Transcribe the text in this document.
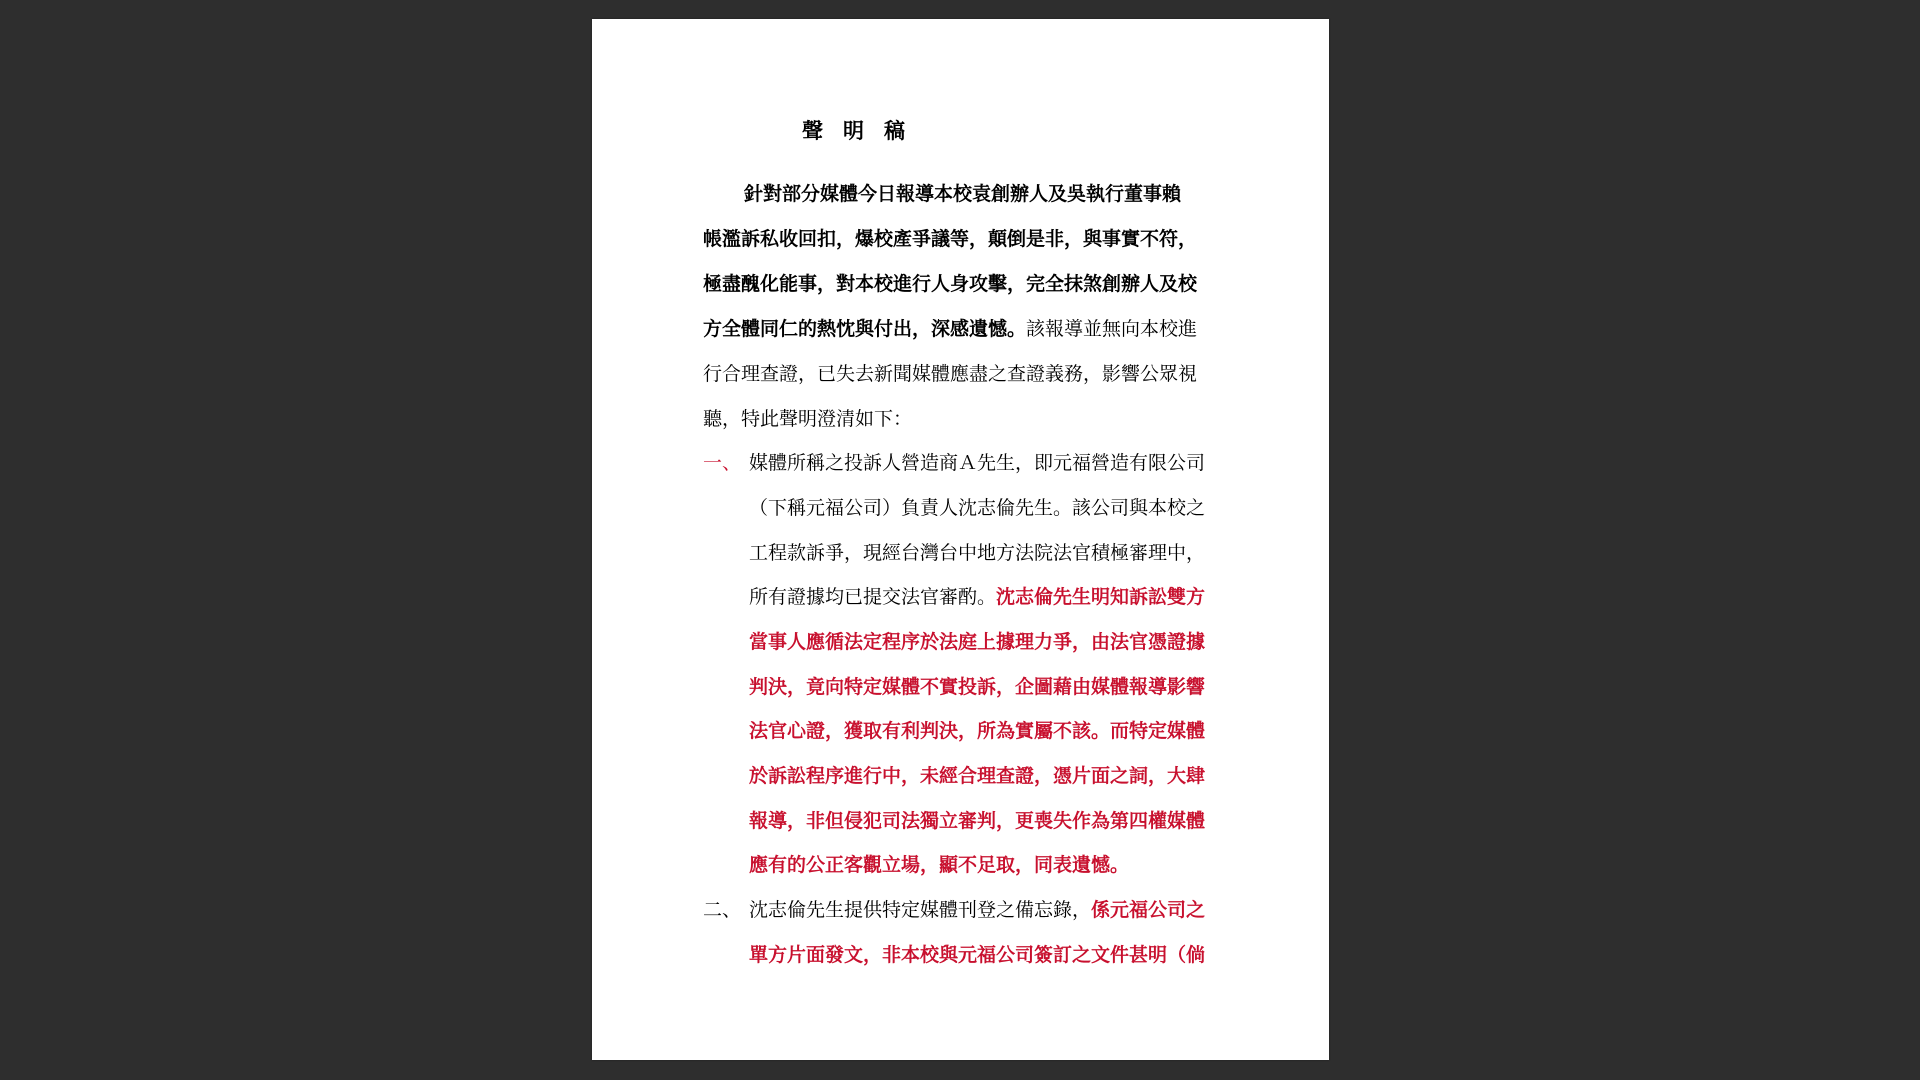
聲明稿
針對部分媒體今日報導本校袁創辦人及吳執行董事賴
帳濫訴私收回扣，爆校產爭議等，顛倒是非，與事實不符，
極盡醜化能事，對本校進行人身攻擊，完全抹煞創辦人及校
方全體同仁的熱忱與付出，深感遺憾。該報導並無向本校進
行合理查證，已失去新聞媒體應盡之查證義務，影響公眾視
聽，特此聲明澄清如下：
一、 媒體所稱之投訴人營造商Ａ先生，即元福營造有限公司
（下稱元福公司）負責人沈志倫先生。該公司與本校之
工程款訴爭，現經台灣台中地方法院法官積極審理中，
所有證據均已提交法官審酌。沈志倫先生明知訴訟雙方
當事人應循法定程序於法庭上據理力爭，由法官憑證據
判決，竟向特定媒體不實投訴，企圖藉由媒體報導影響
法官心證，獲取有利判決，所為實屬不該。而特定媒體
於訴訟程序進行中，未經合理查證，憑片面之詞，大肆
報導，非但侵犯司法獨立審判，更喪失作為第四權媒體
應有的公正客觀立場，顯不足取，同表遺憾。
二、 沈志倫先生提供特定媒體刊登之備忘錄，係元福公司之
單方片面發文，非本校與元福公司簽訂之文件甚明（倘
